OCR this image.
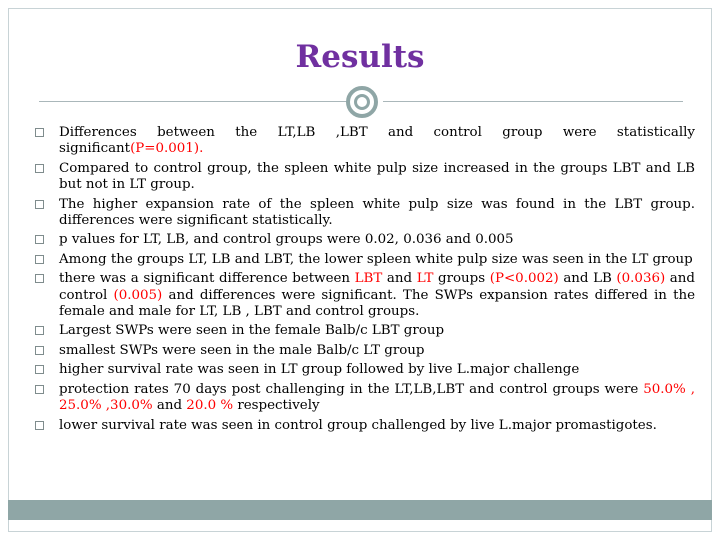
Results
Differences between the LT,LB ,LBT and control group were statistically significant(P=0.001).
Compared to control group, the spleen white pulp size increased in the groups LBT and LB but not in LT group.
The higher expansion rate of the spleen white pulp size was found in the LBT group. differences were significant statistically.
p values for LT, LB, and control groups were 0.02, 0.036 and 0.005
Among the groups LT, LB and LBT, the lower spleen white pulp size was seen in the LT group
there was a significant difference between LBT and LT groups (P<0.002) and LB (0.036) and control (0.005) and differences were significant. The SWPs expansion rates differed in the female and male for LT, LB , LBT and control groups.
Largest SWPs were seen in the female Balb/c LBT group
smallest SWPs were seen in the male Balb/c LT group
higher survival rate was seen in LT group followed by live L.major challenge
protection rates 70 days post challenging in the LT,LB,LBT and control groups were 50.0% , 25.0% ,30.0% and 20.0 % respectively
lower survival rate was seen in control group challenged by live L.major promastigotes.
